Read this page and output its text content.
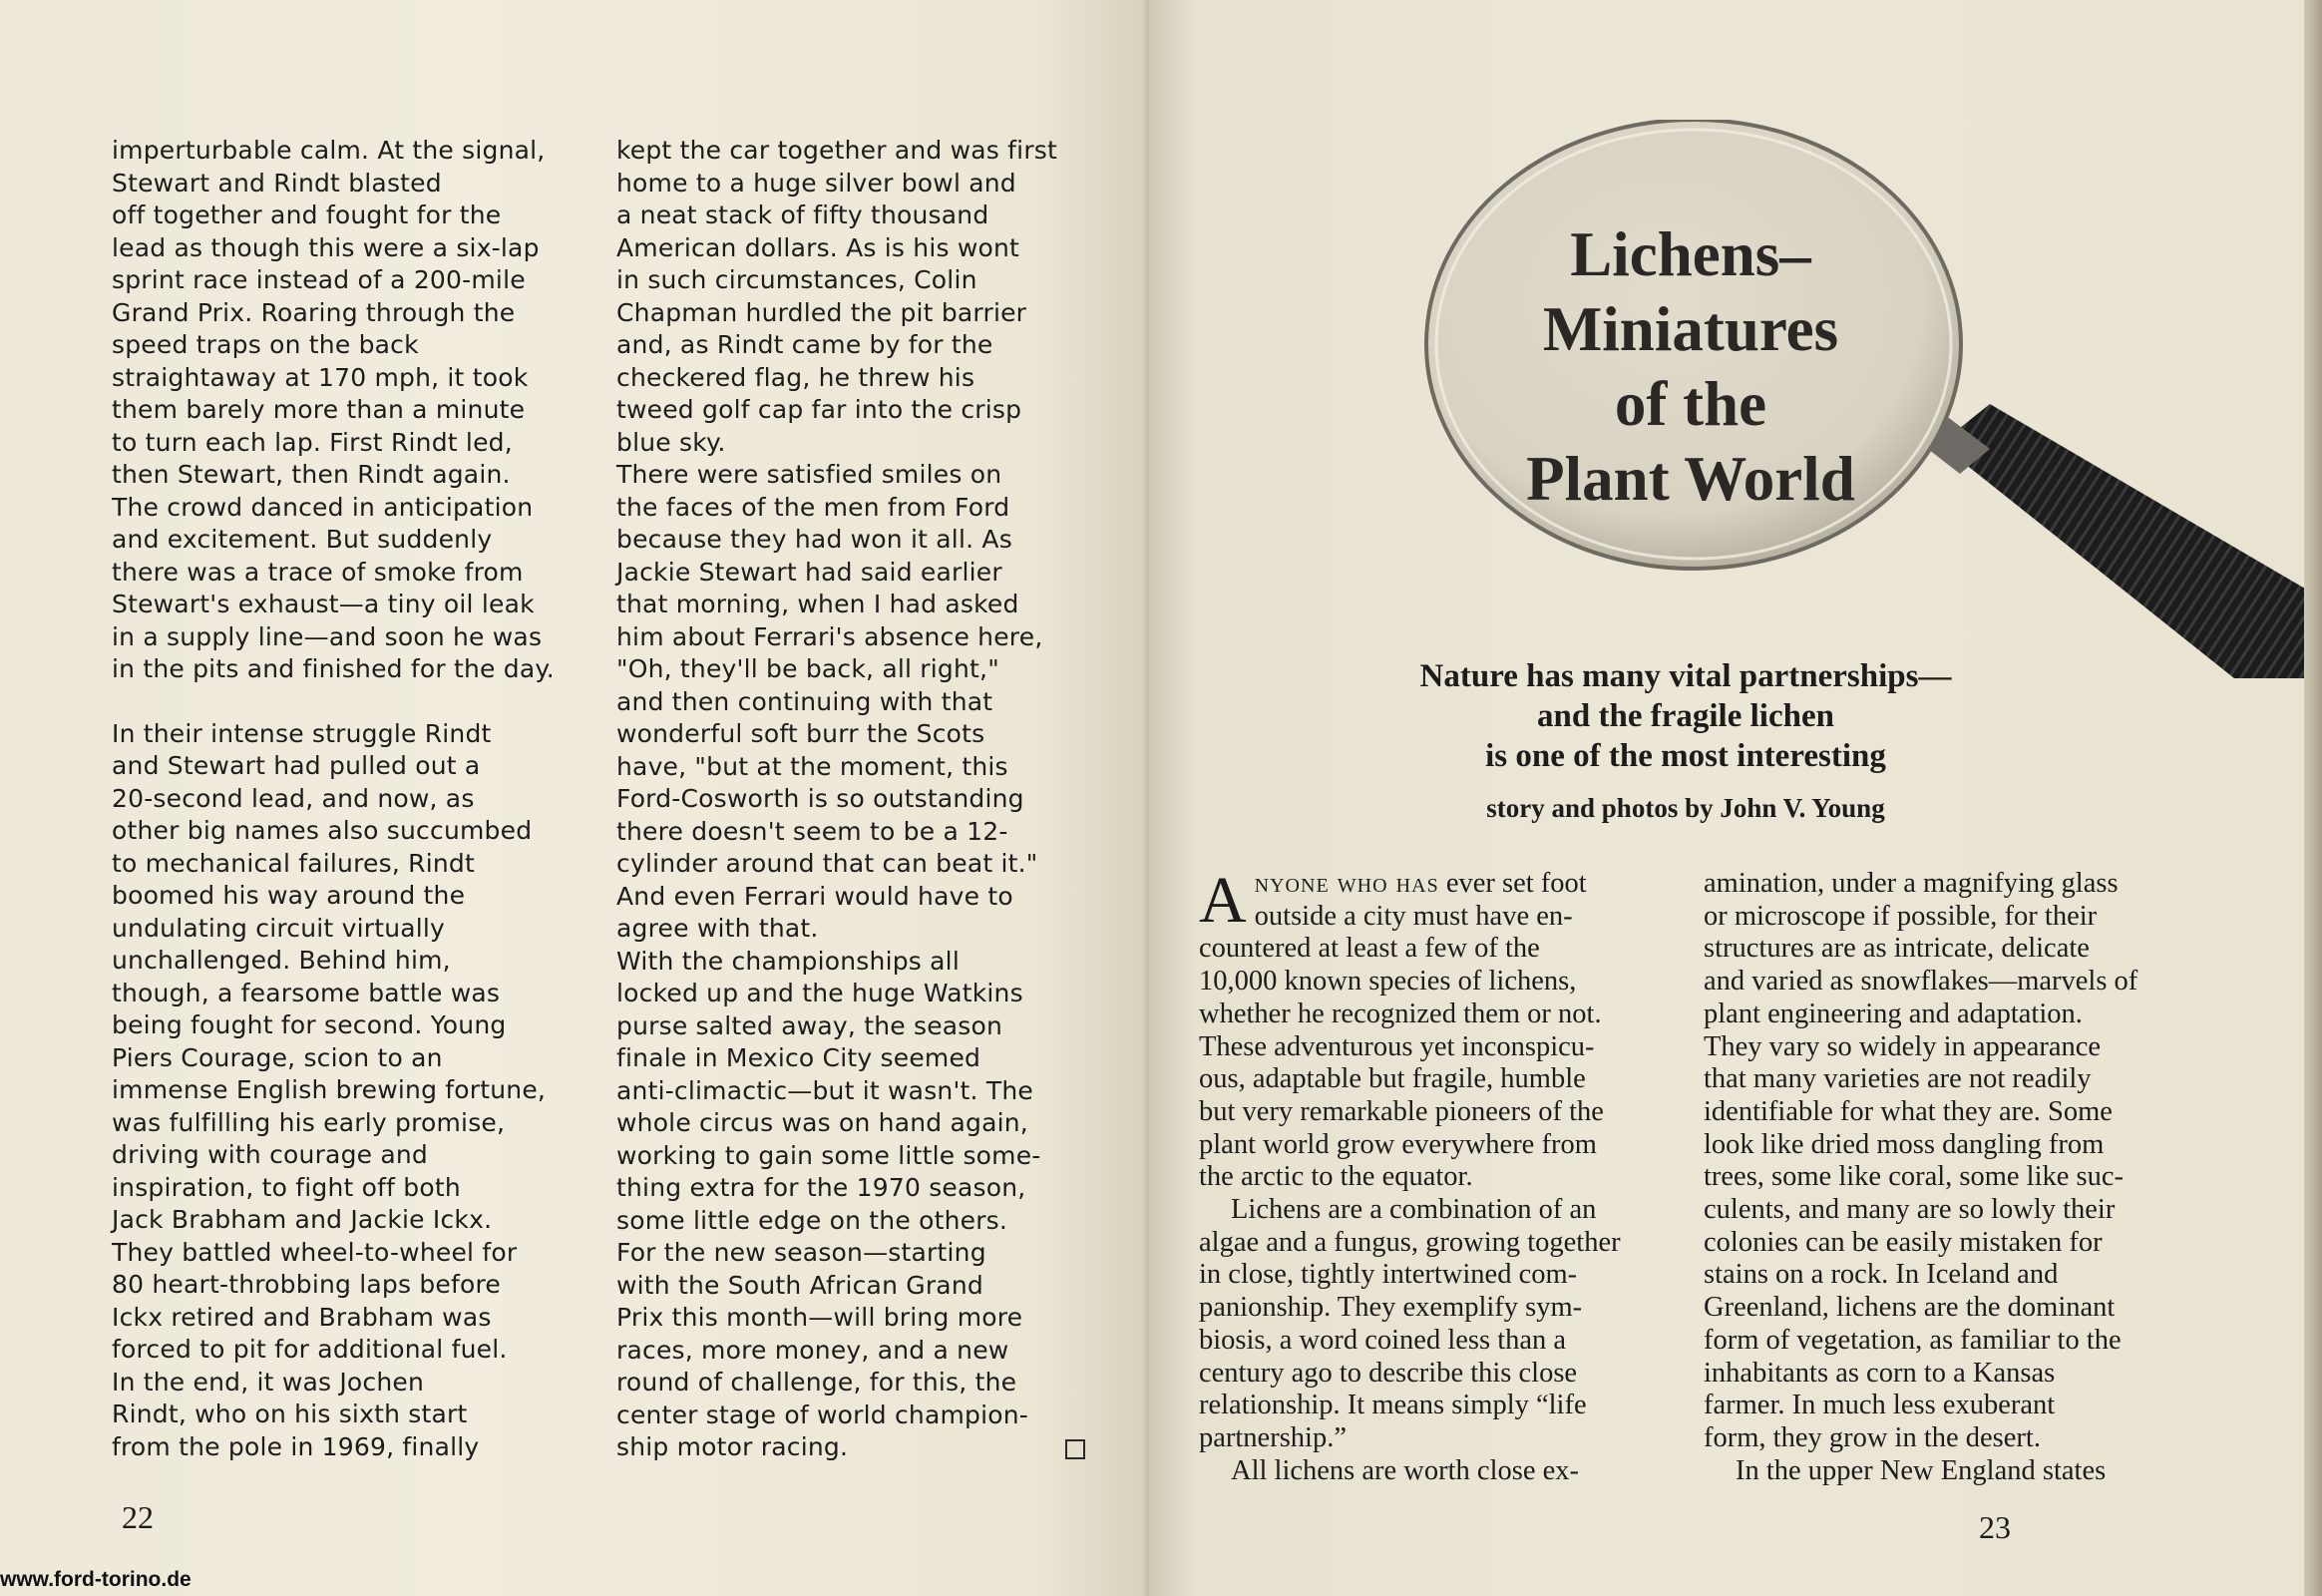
imperturbable calm. At the signal,
Stewart and Rindt blasted
off together and fought for the
lead as though this were a six-lap
sprint race instead of a 200-mile
Grand Prix. Roaring through the
speed traps on the back
straightaway at 170 mph, it took
them barely more than a minute
to turn each lap. First Rindt led,
then Stewart, then Rindt again.
The crowd danced in anticipation
and excitement. But suddenly
there was a trace of smoke from
Stewart's exhaust—a tiny oil leak
in a supply line—and soon he was
in the pits and finished for the day.
In their intense struggle Rindt
and Stewart had pulled out a
20-second lead, and now, as
other big names also succumbed
to mechanical failures, Rindt
boomed his way around the
undulating circuit virtually
unchallenged. Behind him,
though, a fearsome battle was
being fought for second. Young
Piers Courage, scion to an
immense English brewing fortune,
was fulfilling his early promise,
driving with courage and
inspiration, to fight off both
Jack Brabham and Jackie Ickx.
They battled wheel-to-wheel for
80 heart-throbbing laps before
Ickx retired and Brabham was
forced to pit for additional fuel.
In the end, it was Jochen
Rindt, who on his sixth start
from the pole in 1969, finally
kept the car together and was first
home to a huge silver bowl and
a neat stack of fifty thousand
American dollars. As is his wont
in such circumstances, Colin
Chapman hurdled the pit barrier
and, as Rindt came by for the
checkered flag, he threw his
tweed golf cap far into the crisp
blue sky.
There were satisfied smiles on
the faces of the men from Ford
because they had won it all. As
Jackie Stewart had said earlier
that morning, when I had asked
him about Ferrari's absence here,
"Oh, they'll be back, all right,"
and then continuing with that
wonderful soft burr the Scots
have, "but at the moment, this
Ford-Cosworth is so outstanding
there doesn't seem to be a 12-
cylinder around that can beat it."
And even Ferrari would have to
agree with that.
With the championships all
locked up and the huge Watkins
purse salted away, the season
finale in Mexico City seemed
anti-climactic—but it wasn't. The
whole circus was on hand again,
working to gain some little some-
thing extra for the 1970 season,
some little edge on the others.
For the new season—starting
with the South African Grand
Prix this month—will bring more
races, more money, and a new
round of challenge, for this, the
center stage of world champion-
ship motor racing.
22
www.ford-torino.de
Lichens–
Miniatures
of the
Plant World

Nature has many vital partnerships—
and the fragile lichen
is one of the most interesting

story and photos by John V. Young

Anyone who has ever set foot
outside a city must have en-
countered at least a few of the
10,000 known species of lichens,
whether he recognized them or not.
These adventurous yet inconspicu-
ous, adaptable but fragile, humble
but very remarkable pioneers of the
plant world grow everywhere from
the arctic to the equator.
Lichens are a combination of an
algae and a fungus, growing together
in close, tightly intertwined com-
panionship. They exemplify sym-
biosis, a word coined less than a
century ago to describe this close
relationship. It means simply “life
partnership.”
All lichens are worth close ex-
amination, under a magnifying glass
or microscope if possible, for their
structures are as intricate, delicate
and varied as snowflakes—marvels of
plant engineering and adaptation.
They vary so widely in appearance
that many varieties are not readily
identifiable for what they are. Some
look like dried moss dangling from
trees, some like coral, some like suc-
culents, and many are so lowly their
colonies can be easily mistaken for
stains on a rock. In Iceland and
Greenland, lichens are the dominant
form of vegetation, as familiar to the
inhabitants as corn to a Kansas
farmer. In much less exuberant
form, they grow in the desert.
In the upper New England states
23
